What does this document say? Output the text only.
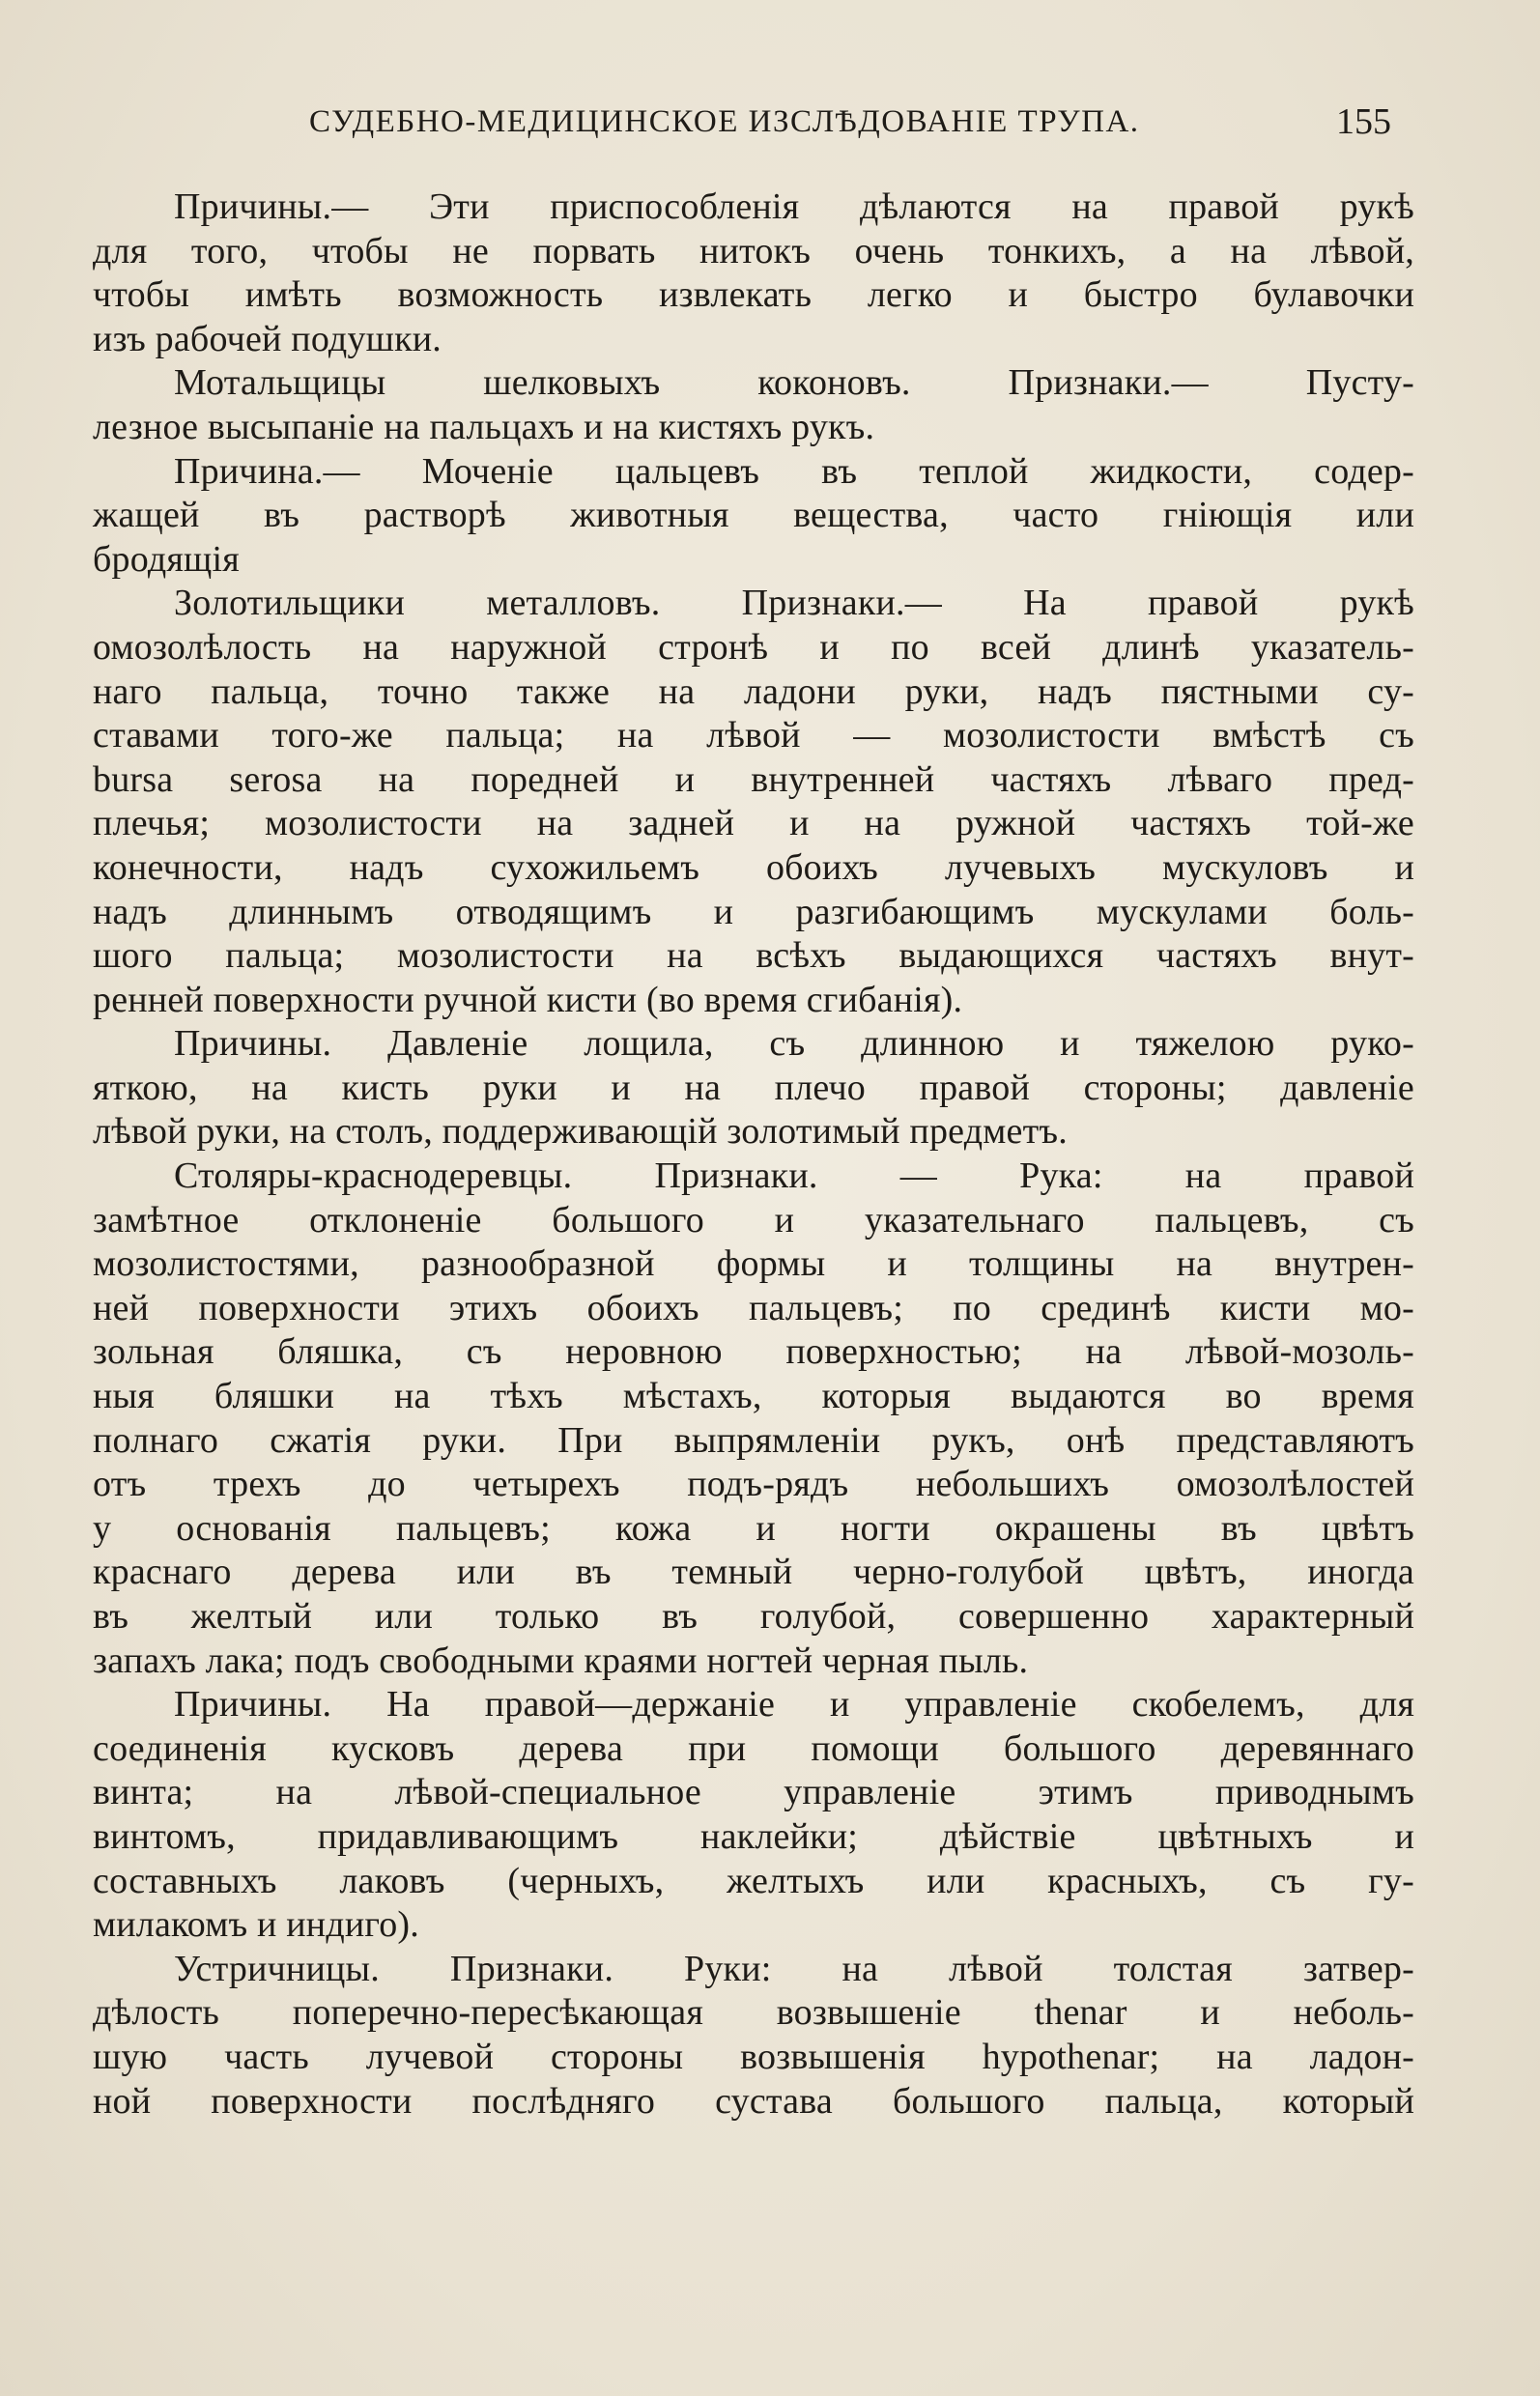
СУДЕБНО-МЕДИЦИНСКОЕ ИЗСЛѢДОВАНІЕ ТРУПА.	155
Причины.— Эти приспособленія дѣлаются на правой рукѣ
для того, чтобы не порвать нитокъ очень тонкихъ, а на лѣвой,
чтобы имѣть возможность извлекать легко и быстро булавочки
изъ рабочей подушки.
Мотальщицы шелковыхъ коконовъ. Признаки.— Пусту-
лезное высыпаніе на пальцахъ и на кистяхъ рукъ.
Причина.— Моченіе цальцевъ въ теплой жидкости, содер-
жащей въ растворѣ животныя вещества, часто гніющія или
бродящія
Золотильщики металловъ. Признаки.— На правой рукѣ
омозолѣлость на наружной стронѣ и по всей длинѣ указатель-
наго пальца, точно также на ладони руки, надъ пястными су-
ставами того-же пальца; на лѣвой — мозолистости вмѣстѣ съ
bursa serosa на поредней и внутренней частяхъ лѣваго пред-
плечья; мозолистости на задней и на ружной частяхъ той-же
конечности, надъ сухожильемъ обоихъ лучевыхъ мускуловъ и
надъ длиннымъ отводящимъ и разгибающимъ мускулами боль-
шого пальца; мозолистости на всѣхъ выдающихся частяхъ внут-
ренней поверхности ручной кисти (во время сгибанія).
Причины. Давленіе лощила, съ длинною и тяжелою руко-
яткою, на кисть руки и на плечо правой стороны; давленіе
лѣвой руки, на столъ, поддерживающій золотимый предметъ.
Столяры-краснодеревцы. Признаки. — Рука: на правой
замѣтное отклоненіе большого и указательнаго пальцевъ, съ
мозолистостями, разнообразной формы и толщины на внутрен-
ней поверхности этихъ обоихъ пальцевъ; по срединѣ кисти мо-
зольная бляшка, съ неровною поверхностью; на лѣвой-мозоль-
ныя бляшки на тѣхъ мѣстахъ, которыя выдаются во время
полнаго сжатія руки. При выпрямленіи рукъ, онѣ представляютъ
отъ трехъ до четырехъ подъ-рядъ небольшихъ омозолѣлостей
у основанія пальцевъ; кожа и ногти окрашены въ цвѣтъ
краснаго дерева или въ темный черно-голубой цвѣтъ, иногда
въ желтый или только въ голубой, совершенно характерный
запахъ лака; подъ свободными краями ногтей черная пыль.
Причины. На правой—держаніе и управленіе скобелемъ, для
соединенія кусковъ дерева при помощи большого деревяннаго
винта; на лѣвой-специальное управленіе этимъ приводнымъ
винтомъ, придавливающимъ наклейки; дѣйствіе цвѣтныхъ и
составныхъ лаковъ (черныхъ, желтыхъ или красныхъ, съ гу-
милакомъ и индиго).
Устричницы. Признаки. Руки: на лѣвой толстая затвер-
дѣлость поперечно-пересѣкающая возвышеніе thenar и неболь-
шую часть лучевой стороны возвышенія hypothenar; на ладон-
ной поверхности послѣдняго сустава большого пальца, который
